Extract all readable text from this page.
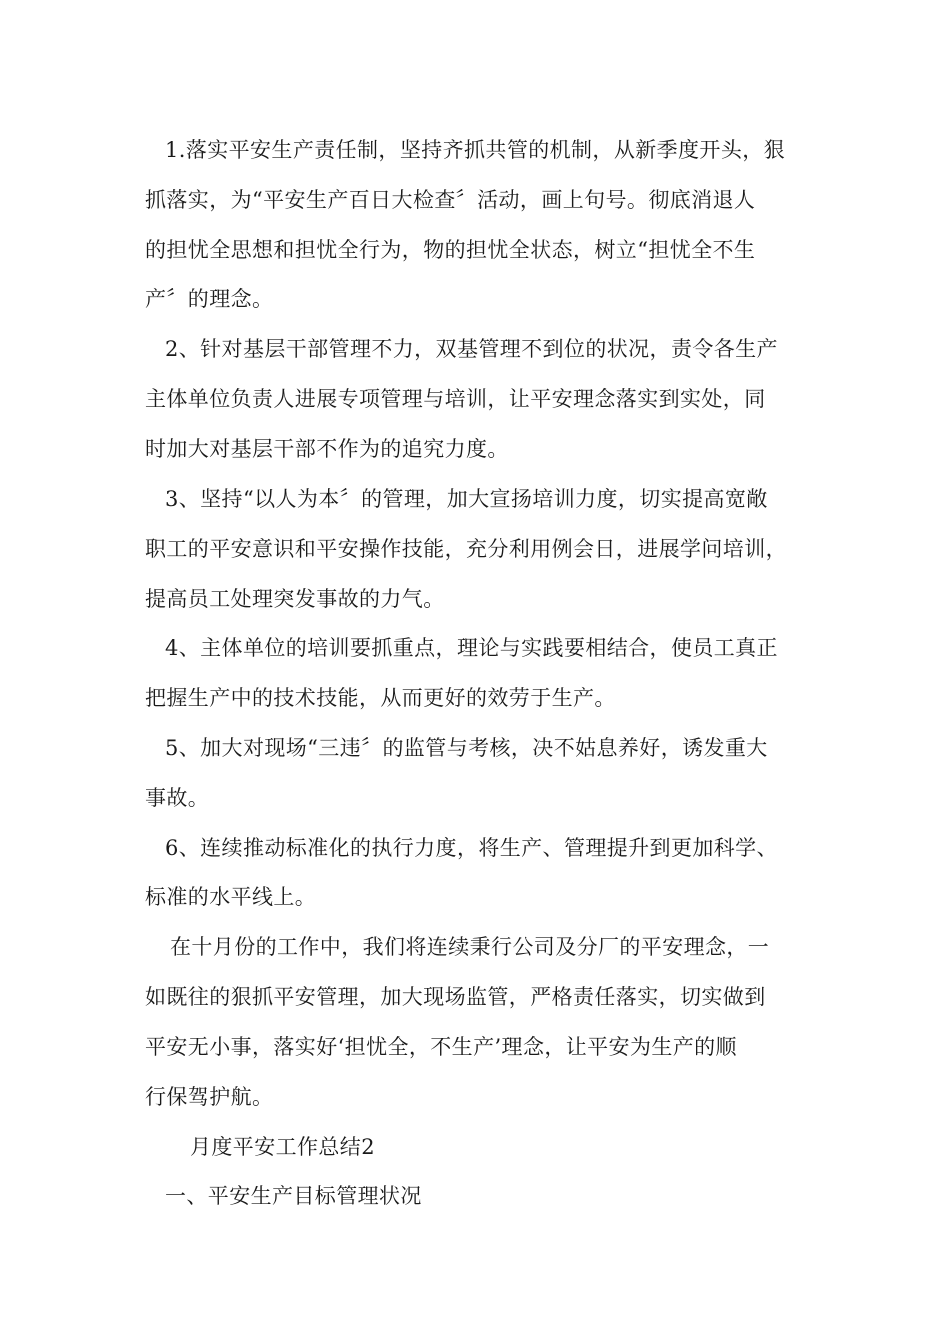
1.落实平安生产责任制，坚持齐抓共管的机制，从新季度开头，狠
抓落实，为“平安生产百日大检查〞活动，画上句号。彻底消退人
的担忧全思想和担忧全行为，物的担忧全状态，树立“担忧全不生
产〞的理念。
2、针对基层干部管理不力，双基管理不到位的状况，责令各生产
主体单位负责人进展专项管理与培训，让平安理念落实到实处，同
时加大对基层干部不作为的追究力度。
3、坚持“以人为本〞的管理，加大宣扬培训力度，切实提高宽敞
职工的平安意识和平安操作技能，充分利用例会日，进展学问培训，
提高员工处理突发事故的力气。
4、主体单位的培训要抓重点，理论与实践要相结合，使员工真正
把握生产中的技术技能，从而更好的效劳于生产。
5、加大对现场“三违〞的监管与考核，决不姑息养好，诱发重大
事故。
6、连续推动标准化的执行力度，将生产、管理提升到更加科学、
标准的水平线上。
在十月份的工作中，我们将连续秉行公司及分厂的平安理念，一
如既往的狠抓平安管理，加大现场监管，严格责任落实，切实做到
平安无小事，落实好‘担忧全，不生产’理念，让平安为生产的顺
行保驾护航。
月度平安工作总结2
一、平安生产目标管理状况
